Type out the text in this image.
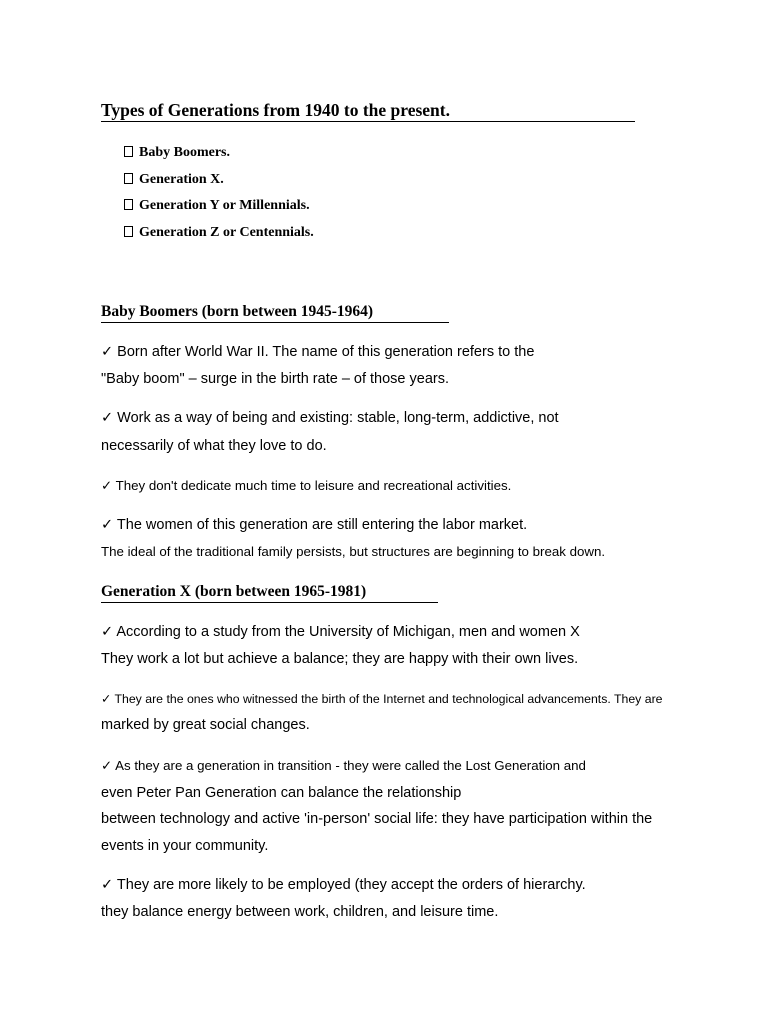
Types of Generations from 1940 to the present.
Baby Boomers.
Generation X.
Generation Y or Millennials.
Generation Z or Centennials.
Baby Boomers (born between 1945-1964)
✓ Born after World War II. The name of this generation refers to the
"Baby boom" – surge in the birth rate – of those years.
✓ Work as a way of being and existing: stable, long-term, addictive, not
necessarily of what they love to do.
✓ They don't dedicate much time to leisure and recreational activities.
✓ The women of this generation are still entering the labor market.
The ideal of the traditional family persists, but structures are beginning to break down.
Generation X (born between 1965-1981)
✓ According to a study from the University of Michigan, men and women X
They work a lot but achieve a balance; they are happy with their own lives.
✓ They are the ones who witnessed the birth of the Internet and technological advancements. They are
marked by great social changes.
✓ As they are a generation in transition - they were called the Lost Generation and
even Peter Pan Generation can balance the relationship
between technology and active 'in-person' social life: they have participation within the
events in your community.
✓ They are more likely to be employed (they accept the orders of hierarchy.
they balance energy between work, children, and leisure time.
